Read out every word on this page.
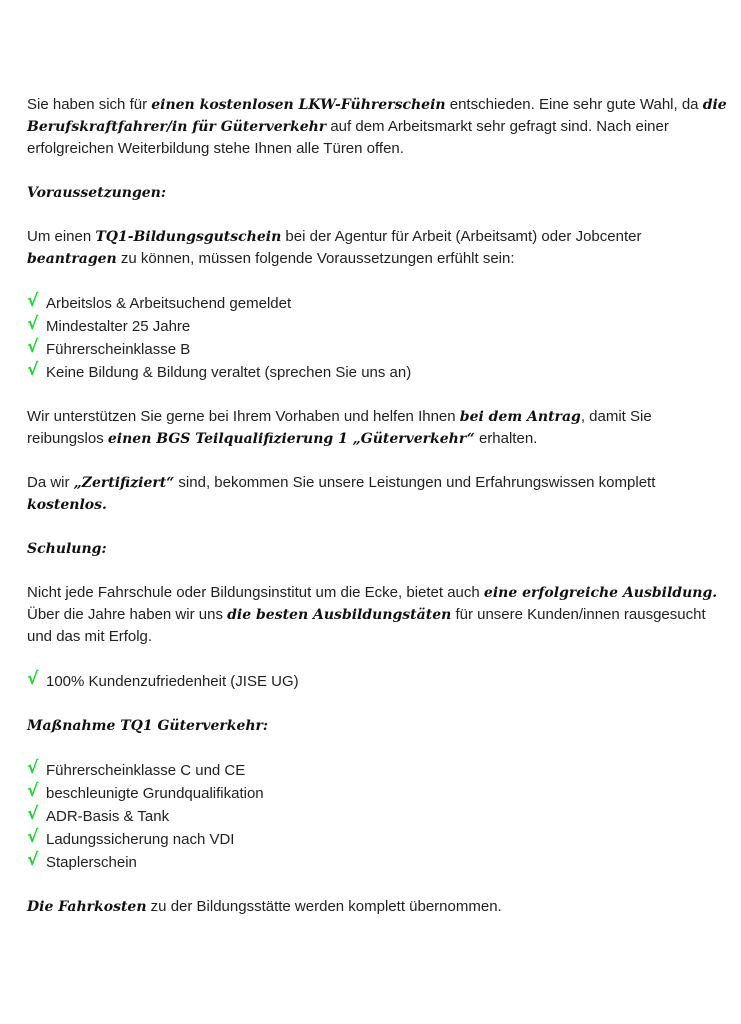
Sie haben sich für einen kostenlosen LKW-Führerschein entschieden. Eine sehr gute Wahl, da die Berufskraftfahrer/in für Güterverkehr auf dem Arbeitsmarkt sehr gefragt sind. Nach einer erfolgreichen Weiterbildung stehe Ihnen alle Türen offen.

Voraussetzungen:

Um einen TQ1-Bildungsgutschein bei der Agentur für Arbeit (Arbeitsamt) oder Jobcenter beantragen zu können, müssen folgende Voraussetzungen erfühlt sein:

√ Arbeitslos & Arbeitsuchend gemeldet
√ Mindestalter 25 Jahre
√ Führerscheinklasse B
√ Keine Bildung & Bildung veraltet (sprechen Sie uns an)

Wir unterstützen Sie gerne bei Ihrem Vorhaben und helfen Ihnen bei dem Antrag, damit Sie reibungslos einen BGS Teilqualifizierung 1 „Güterverkehr“ erhalten.

Da wir „Zertifiziert“ sind, bekommen Sie unsere Leistungen und Erfahrungswissen komplett kostenlos.

Schulung:

Nicht jede Fahrschule oder Bildungsinstitut um die Ecke, bietet auch eine erfolgreiche Ausbildung. Über die Jahre haben wir uns die besten Ausbildungstäten für unsere Kunden/innen rausgesucht und das mit Erfolg.

√ 100% Kundenzufriedenheit (JISE UG)

Maßnahme TQ1 Güterverkehr:

√ Führerscheinklasse C und CE
√ beschleunigte Grundqualifikation
√ ADR-Basis & Tank
√ Ladungssicherung nach VDI
√ Staplerschein

Die Fahrkosten zu der Bildungsstätte werden komplett übernommen.
